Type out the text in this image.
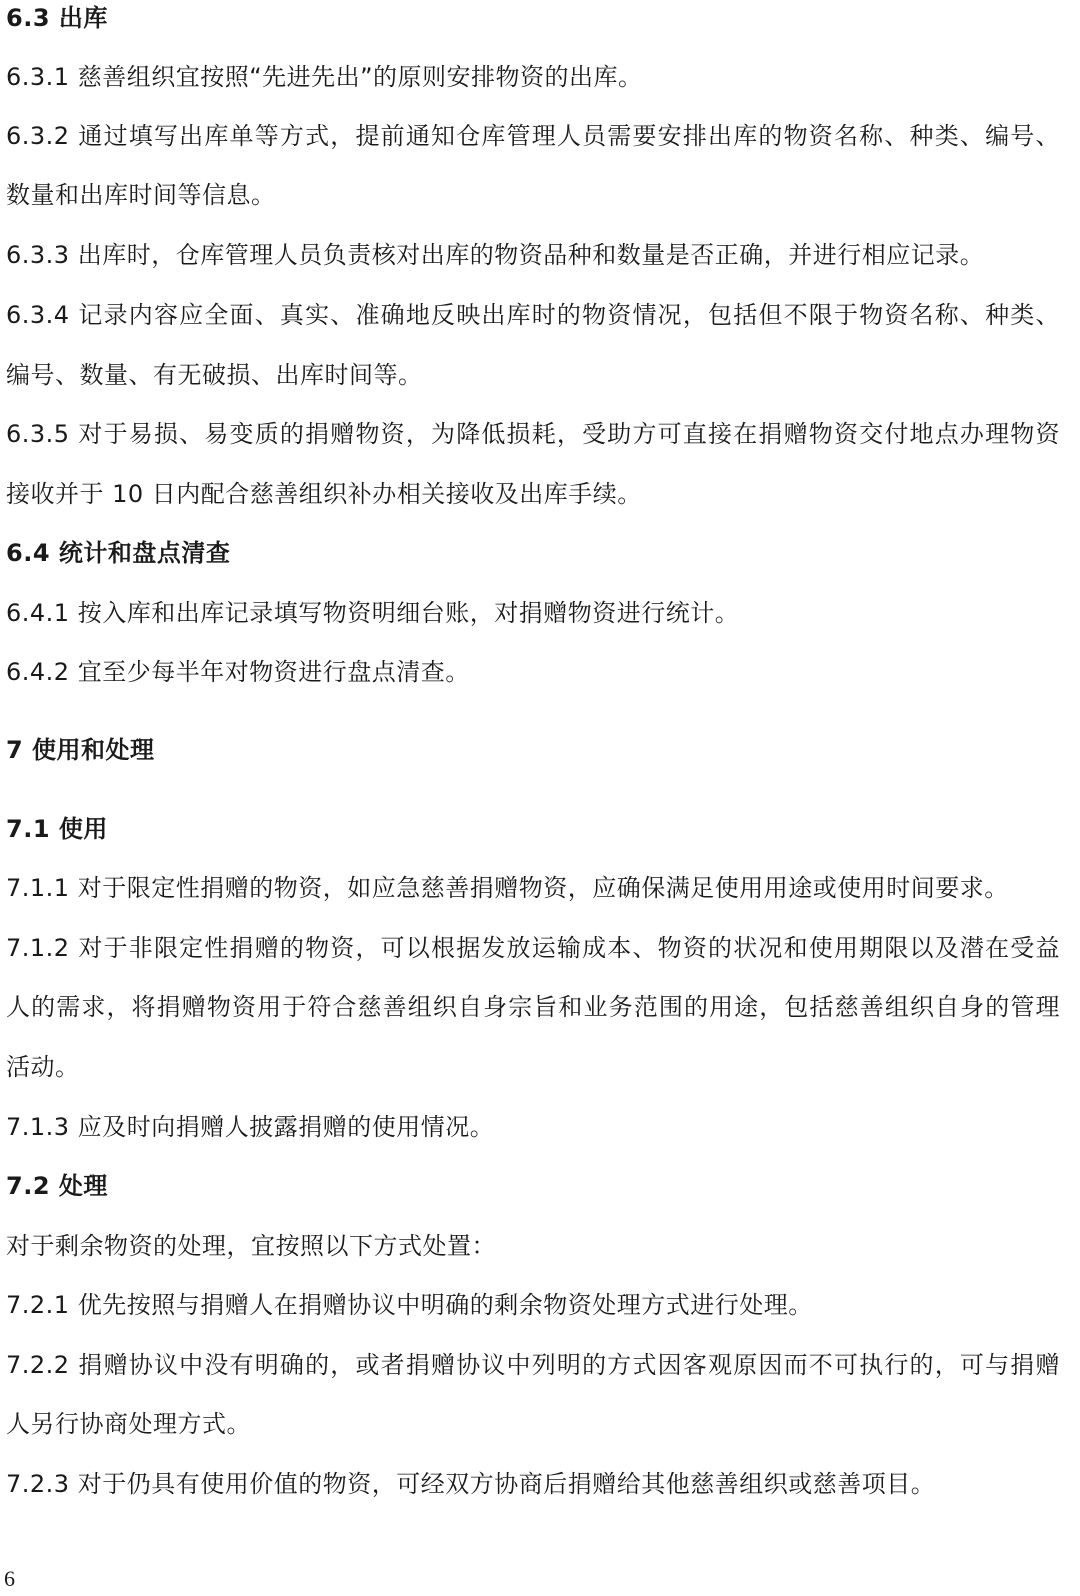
6.3 出库
6.3.1 慈善组织宜按照“先进先出”的原则安排物资的出库。
6.3.2 通过填写出库单等方式，提前通知仓库管理人员需要安排出库的物资名称、种类、编号、
数量和出库时间等信息。
6.3.3 出库时，仓库管理人员负责核对出库的物资品种和数量是否正确，并进行相应记录。
6.3.4 记录内容应全面、真实、准确地反映出库时的物资情况，包括但不限于物资名称、种类、
编号、数量、有无破损、出库时间等。
6.3.5 对于易损、易变质的捐赠物资，为降低损耗，受助方可直接在捐赠物资交付地点办理物资
接收并于 10 日内配合慈善组织补办相关接收及出库手续。
6.4 统计和盘点清查
6.4.1 按入库和出库记录填写物资明细台账，对捐赠物资进行统计。
6.4.2 宜至少每半年对物资进行盘点清查。
7 使用和处理
7.1 使用
7.1.1 对于限定性捐赠的物资，如应急慈善捐赠物资，应确保满足使用用途或使用时间要求。
7.1.2 对于非限定性捐赠的物资，可以根据发放运输成本、物资的状况和使用期限以及潜在受益
人的需求，将捐赠物资用于符合慈善组织自身宗旨和业务范围的用途，包括慈善组织自身的管理
活动。
7.1.3 应及时向捐赠人披露捐赠的使用情况。
7.2 处理
对于剩余物资的处理，宜按照以下方式处置：
7.2.1 优先按照与捐赠人在捐赠协议中明确的剩余物资处理方式进行处理。
7.2.2 捐赠协议中没有明确的，或者捐赠协议中列明的方式因客观原因而不可执行的，可与捐赠
人另行协商处理方式。
7.2.3 对于仍具有使用价值的物资，可经双方协商后捐赠给其他慈善组织或慈善项目。
6
